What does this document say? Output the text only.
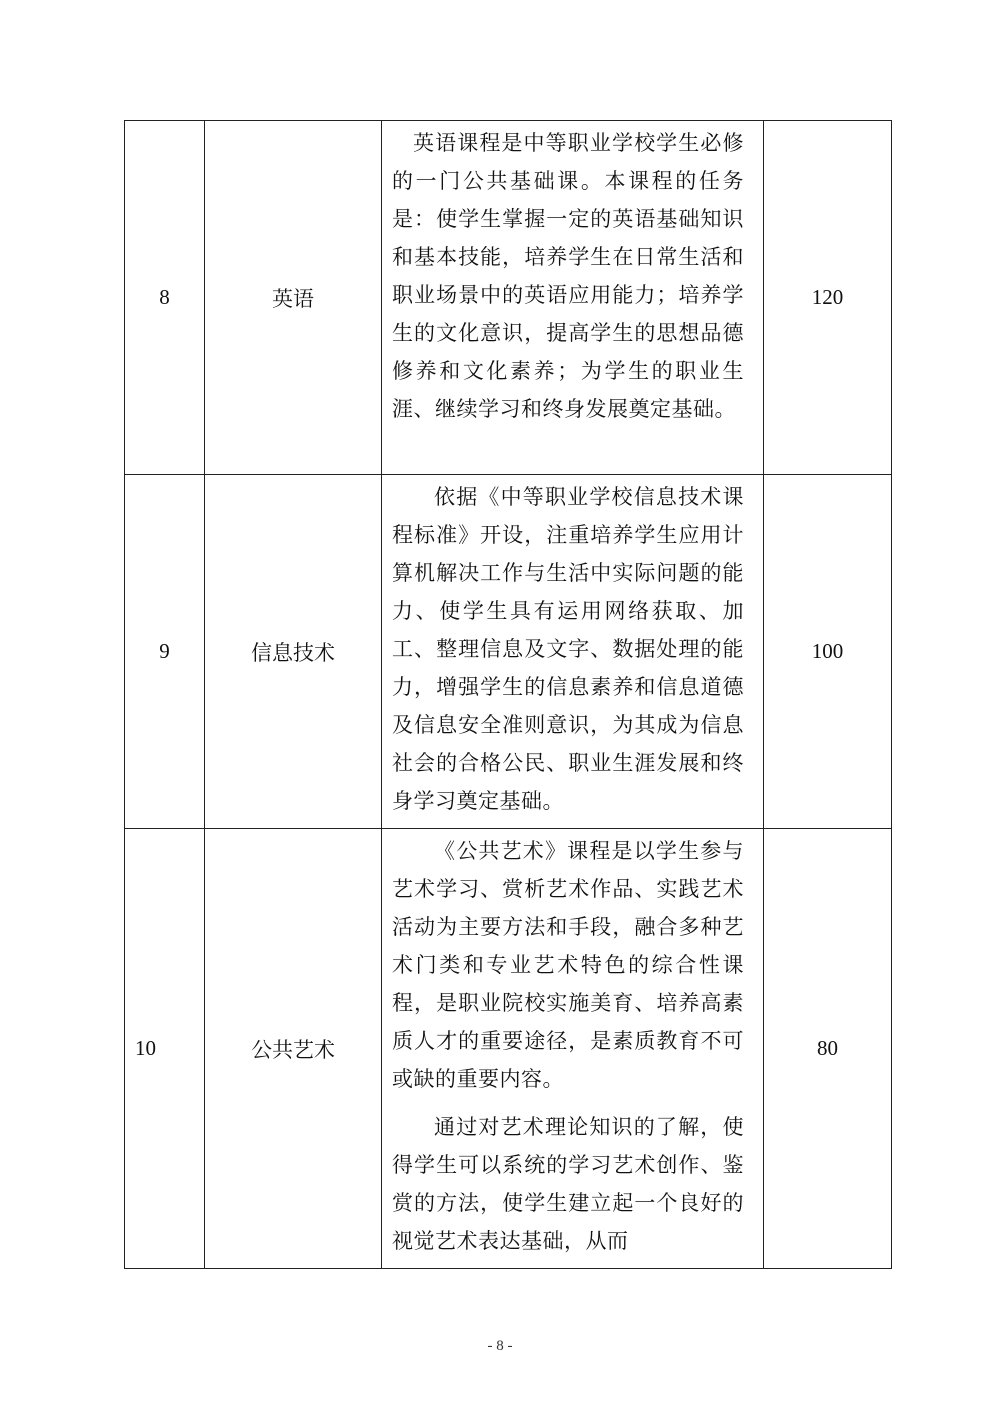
8	英语	英语课程是中等职业学校学生必修的一门公共基础课。本课程的任务是：使学生掌握一定的英语基础知识和基本技能，培养学生在日常生活和职业场景中的英语应用能力；培养学生的文化意识，提高学生的思想品德修养和文化素养；为学生的职业生涯、继续学习和终身发展奠定基础。	120
9	信息技术	依据《中等职业学校信息技术课程标准》开设，注重培养学生应用计算机解决工作与生活中实际问题的能力、使学生具有运用网络获取、加工、整理信息及文字、数据处理的能力，增强学生的信息素养和信息道德及信息安全准则意识，为其成为信息社会的合格公民、职业生涯发展和终身学习奠定基础。	100
10	公共艺术	《公共艺术》课程是以学生参与艺术学习、赏析艺术作品、实践艺术活动为主要方法和手段，融合多种艺术门类和专业艺术特色的综合性课程，是职业院校实施美育、培养高素质人才的重要途径，是素质教育不可或缺的重要内容。

通过对艺术理论知识的了解，使得学生可以系统的学习艺术创作、鉴赏的方法，使学生建立起一个良好的视觉艺术表达基础，从而	80
- 8 -
